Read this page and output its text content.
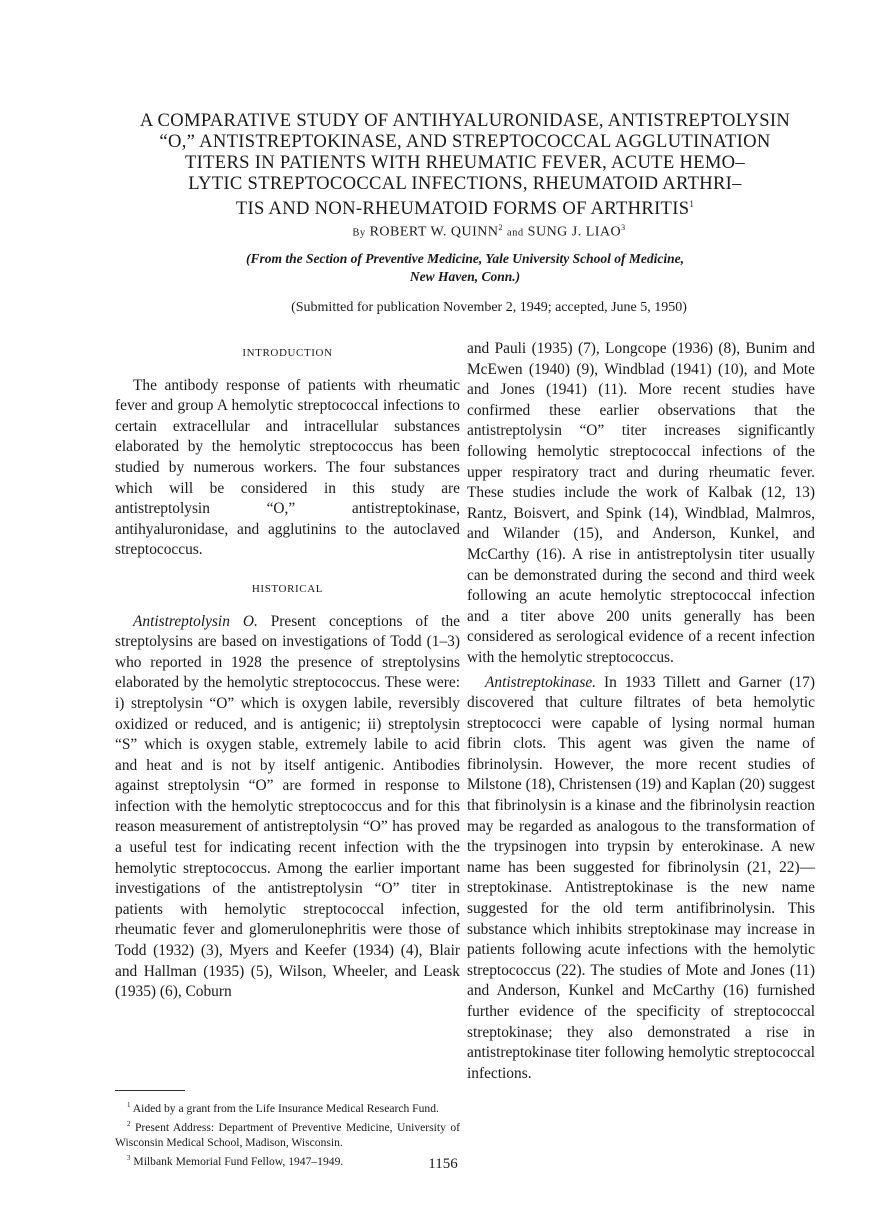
A COMPARATIVE STUDY OF ANTIHYALURONIDASE, ANTISTREPTOLYSIN
“O,” ANTISTREPTOKINASE, AND STREPTOCOCCAL AGGLUTINATION
TITERS IN PATIENTS WITH RHEUMATIC FEVER, ACUTE HEMO–
LYTIC STREPTOCOCCAL INFECTIONS, RHEUMATOID ARTHRI–
TIS AND NON-RHEUMATOID FORMS OF ARTHRITIS$^1$
By ROBERT W. QUINN$^2$ and SUNG J. LIAO$^3$
(From the Section of Preventive Medicine, Yale University School of Medicine,
New Haven, Conn.)
(Submitted for publication November 2, 1949; accepted, June 5, 1950)
INTRODUCTION

The antibody response of patients with rheumatic fever and group A hemolytic streptococcal infections to certain extracellular and intracellular substances elaborated by the hemolytic streptococcus has been studied by numerous workers. The four substances which will be considered in this study are antistreptolysin “O,” antistreptokinase, antihyaluronidase, and agglutinins to the autoclaved streptococcus.

HISTORICAL

Antistreptolysin O. Present conceptions of the streptolysins are based on investigations of Todd (1–3) who reported in 1928 the presence of streptolysins elaborated by the hemolytic streptococcus. These were: i) streptolysin “O” which is oxygen labile, reversibly oxidized or reduced, and is antigenic; ii) streptolysin “S” which is oxygen stable, extremely labile to acid and heat and is not by itself antigenic. Antibodies against streptolysin “O” are formed in response to infection with the hemolytic streptococcus and for this reason measurement of antistreptolysin “O” has proved a useful test for indicating recent infection with the hemolytic streptococcus. Among the earlier important investigations of the antistreptolysin “O” titer in patients with hemolytic streptococcal infection, rheumatic fever and glomerulonephritis were those of Todd (1932) (3), Myers and Keefer (1934) (4), Blair and Hallman (1935) (5), Wilson, Wheeler, and Leask (1935) (6), Coburn

and Pauli (1935) (7), Longcope (1936) (8), Bunim and McEwen (1940) (9), Windblad (1941) (10), and Mote and Jones (1941) (11). More recent studies have confirmed these earlier observations that the antistreptolysin “O” titer increases significantly following hemolytic streptococcal infections of the upper respiratory tract and during rheumatic fever. These studies include the work of Kalbak (12, 13) Rantz, Boisvert, and Spink (14), Windblad, Malmros, and Wilander (15), and Anderson, Kunkel, and McCarthy (16). A rise in antistreptolysin titer usually can be demonstrated during the second and third week following an acute hemolytic streptococcal infection and a titer above 200 units generally has been considered as serological evidence of a recent infection with the hemolytic streptococcus.

Antistreptokinase. In 1933 Tillett and Garner (17) discovered that culture filtrates of beta hemolytic streptococci were capable of lysing normal human fibrin clots. This agent was given the name of fibrinolysin. However, the more recent studies of Milstone (18), Christensen (19) and Kaplan (20) suggest that fibrinolysin is a kinase and the fibrinolysin reaction may be regarded as analogous to the transformation of the trypsinogen into trypsin by enterokinase. A new name has been suggested for fibrinolysin (21, 22)—streptokinase. Antistreptokinase is the new name suggested for the old term antifibrinolysin. This substance which inhibits streptokinase may increase in patients following acute infections with the hemolytic streptococcus (22). The studies of Mote and Jones (11) and Anderson, Kunkel and McCarthy (16) furnished further evidence of the specificity of streptococcal streptokinase; they also demonstrated a rise in antistreptokinase titer following hemolytic streptococcal infections.

$^1$ Aided by a grant from the Life Insurance Medical Research Fund.

$^2$ Present Address: Department of Preventive Medicine, University of Wisconsin Medical School, Madison, Wisconsin.

$^3$ Milbank Memorial Fund Fellow, 1947–1949.	1156
